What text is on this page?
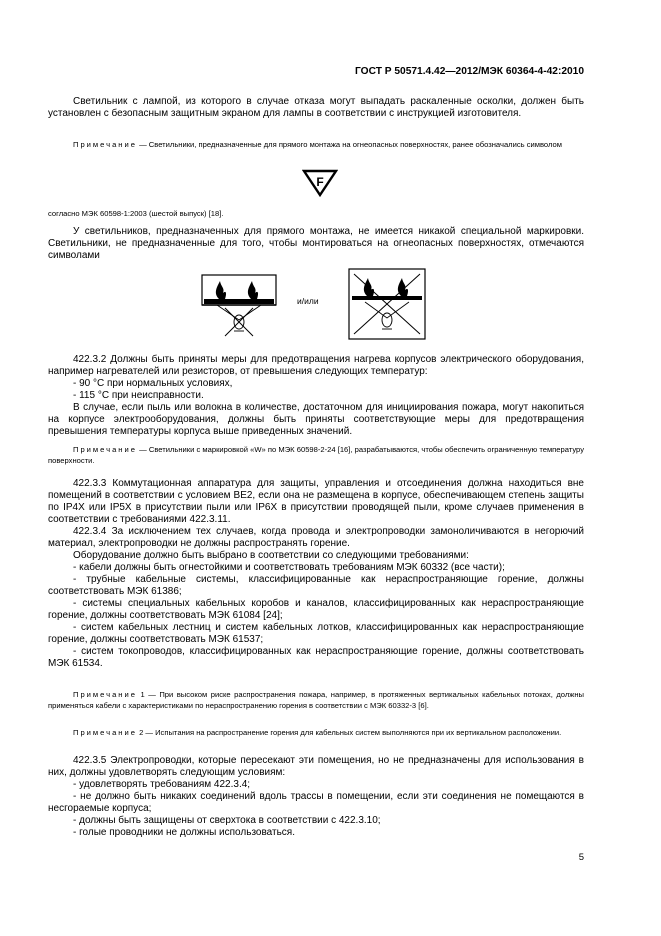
ГОСТ Р 50571.4.42—2012/МЭК 60364-4-42:2010

Светильник с лампой, из которого в случае отказа могут выпадать раскаленные осколки, должен быть установлен с безопасным защитным экраном для лампы в соответствии с инструкцией изготовителя.

Примечание — Светильники, предназначенные для прямого монтажа на огнеопасных поверхностях, ранее обозначались символом

F

согласно МЭК 60598-1:2003 (шестой выпуск) [18].

У светильников, предназначенных для прямого монтажа, не имеется никакой специальной маркировки. Светильники, не предназначенные для того, чтобы монтироваться на огнеопасных поверхностях, отмечаются символами

и/или

422.3.2 Должны быть приняты меры для предотвращения нагрева корпусов электрического оборудования, например нагревателей или резисторов, от превышения следующих температур:

- 90 °С при нормальных условиях,

- 115 °С при неисправности.

В случае, если пыль или волокна в количестве, достаточном для инициирования пожара, могут накопиться на корпусе электрооборудования, должны быть приняты соответствующие меры для предотвращения превышения температуры корпуса выше приведенных значений.

Примечание — Светильники с маркировкой «W» по МЭК 60598-2-24 [16], разрабатываются, чтобы обеспечить ограниченную температуру поверхности.

422.3.3 Коммутационная аппаратура для защиты, управления и отсоединения должна находиться вне помещений в соответствии с условием ВЕ2, если она не размещена в корпусе, обеспечивающем степень защиты по IP4X или IP5X в присутствии пыли или IP6X в присутствии проводящей пыли, кроме случаев применения в соответствии с требованиями 422.3.11.

422.3.4 За исключением тех случаев, когда провода и электропроводки замоноличиваются в негорючий материал, электропроводки не должны распространять горение.

Оборудование должно быть выбрано в соответствии со следующими требованиями:

- кабели должны быть огнестойкими и соответствовать требованиям МЭК 60332 (все части);

- трубные кабельные системы, классифицированные как нераспространяющие горение, должны соответствовать МЭК 61386;

- системы специальных кабельных коробов и каналов, классифицированных как нераспространяющие горение, должны соответствовать МЭК 61084 [24];

- систем кабельных лестниц и систем кабельных лотков, классифицированных как нераспространяющие горение, должны соответствовать МЭК 61537;

- систем токопроводов, классифицированных как нераспространяющие горение, должны соответствовать МЭК 61534.

Примечание 1 — При высоком риске распространения пожара, например, в протяженных вертикальных кабельных потоках, должны применяться кабели с характеристиками по нераспространению горения в соответствии с МЭК 60332-3 [6].

Примечание 2 — Испытания на распространение горения для кабельных систем выполняются при их вертикальном расположении.

422.3.5 Электропроводки, которые пересекают эти помещения, но не предназначены для использования в них, должны удовлетворять следующим условиям:

- удовлетворять требованиям 422.3.4;

- не должно быть никаких соединений вдоль трассы в помещении, если эти соединения не помещаются в несгораемые корпуса;

- должны быть защищены от сверхтока в соответствии с 422.3.10;

- голые проводники не должны использоваться.

5
